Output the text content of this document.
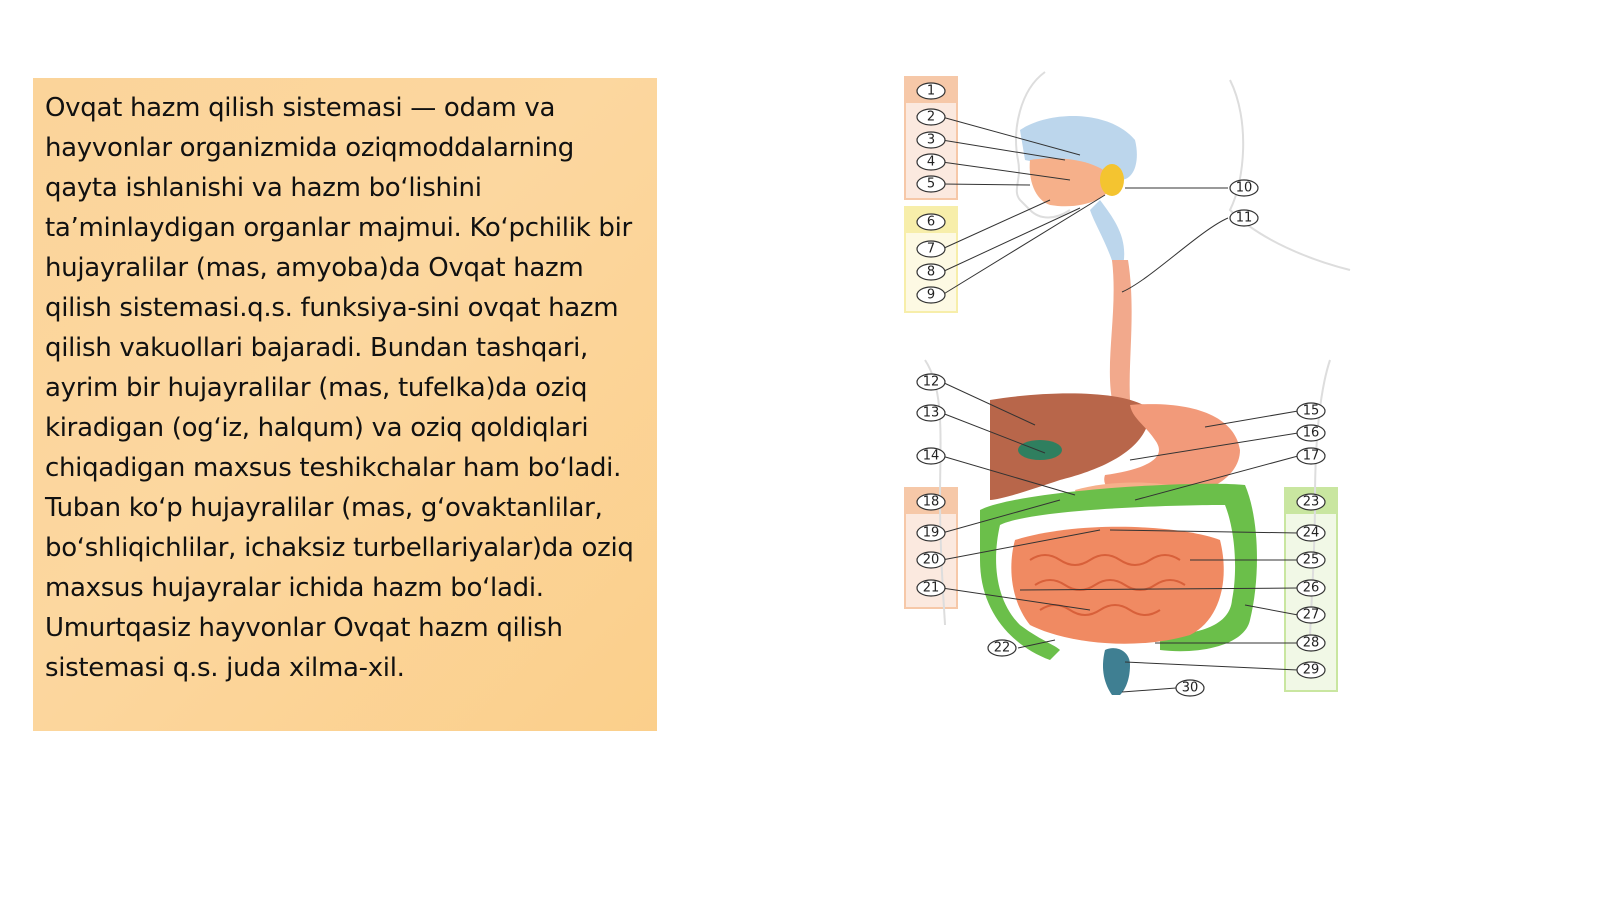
Ovqat hazm qilish sistemasi — odam va hayvonlar organizmida oziqmoddalarning qayta ishlanishi va hazm boʻlishini taʼminlaydigan organlar majmui. Koʻpchilik bir hujayralilar (mas, amyoba)da Ovqat hazm qilish sistemasi.q.s. funksiya-sini ovqat hazm qilish vakuollari bajaradi. Bundan tashqari, ayrim bir hujayralilar (mas, tufelka)da oziq kiradigan (ogʻiz, halqum) va oziq qoldiqlari chiqadigan maxsus teshikchalar ham boʻladi. Tuban koʻp hujayralilar (mas, gʻovaktanlilar, boʻshliqichlilar, ichaksiz turbellariyalar)da oziq maxsus hujayralar ichida hazm boʻladi. Umurtqasiz hayvonlar Ovqat hazm qilish sistemasi q.s. juda xilma-xil.
1
2
3
4
5
6
7
8
9
12
13
14
18
19
20
21
22
10
11
15
16
17
23
24
25
26
27
28
29
30
